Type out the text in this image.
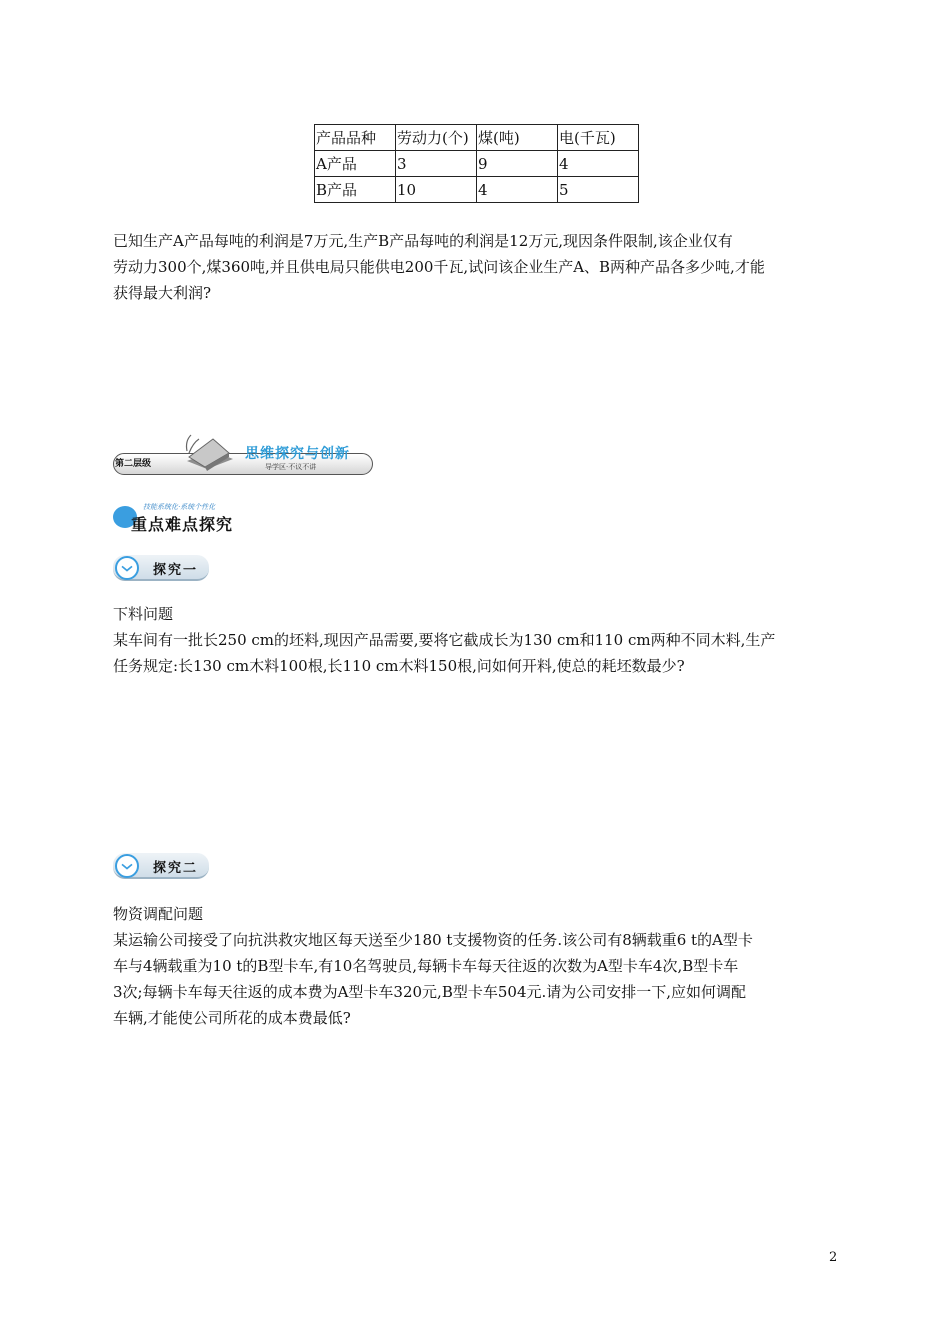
产品品种	劳动力(个)	煤(吨)	电(千瓦)
A产品	3	9	4
B产品	10	4	5

已知生产A产品每吨的利润是7万元,生产B产品每吨的利润是12万元,现因条件限制,该企业仅有

劳动力300个,煤360吨,并且供电局只能供电200千瓦,试问该企业生产A、B两种产品各多少吨,才能

获得最大利润?

第二层级
思维探究与创新
导学区·不议不讲
技能系统化·系统个性化
重点难点探究
探究一

下料问题

某车间有一批长250 cm的坯料,现因产品需要,要将它截成长为130 cm和110 cm两种不同木料,生产

任务规定:长130 cm木料100根,长110 cm木料150根,问如何开料,使总的耗坯数最少?

探究二

物资调配问题

某运输公司接受了向抗洪救灾地区每天送至少180 t支援物资的任务.该公司有8辆载重6 t的A型卡

车与4辆载重为10 t的B型卡车,有10名驾驶员,每辆卡车每天往返的次数为A型卡车4次,B型卡车

3次;每辆卡车每天往返的成本费为A型卡车320元,B型卡车504元.请为公司安排一下,应如何调配

车辆,才能使公司所花的成本费最低?

2
